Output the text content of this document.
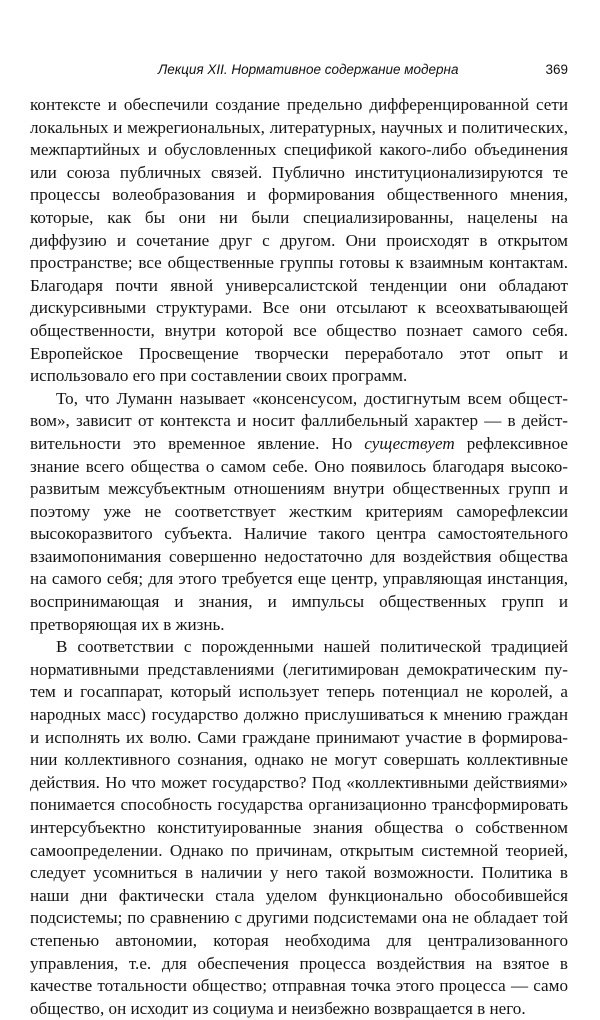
Лекция XII. Нормативное содержание модерна	369

контексте и обеспечили создание предельно дифференцированной сети локальных и межрегиональных, литературных, научных и политических, межпартийных и обусловленных спецификой какого-либо объединения или союза публичных связей. Публично институционализируются те процессы волеобразования и формирования общественного мнения, которые, как бы они ни были специализированны, нацелены на диффузию и сочетание друг с другом. Они происходят в открытом пространстве; все общественные группы готовы к взаимным контактам. Благодаря почти явной универсалистской тенденции они обладают дискурсивными структурами. Все они отсылают к всеохватывающей общественности, внутри которой все общество познает самого себя. Европейское Просвещение творчески переработало этот опыт и использовало его при составлении своих программ.

То, что Луманн называет «консенсусом, достигнутым всем обществом», зависит от контекста и носит фаллибельный характер — в действительности это временное явление. Но существует рефлексивное знание всего общества о самом себе. Оно появилось благодаря высокоразвитым межсубъектным отношениям внутри общественных групп и поэтому уже не соответствует жестким критериям саморефлексии высокоразвитого субъекта. Наличие такого центра самостоятельного взаимопонимания совершенно недостаточно для воздействия общества на самого себя; для этого требуется еще центр, управляющая инстанция, воспринимающая и знания, и импульсы общественных групп и претворяющая их в жизнь.

В соответствии с порожденными нашей политической традицией нормативными представлениями (легитимирован демократическим путем и госаппарат, который использует теперь потенциал не королей, а народных масс) государство должно прислушиваться к мнению граждан и исполнять их волю. Сами граждане принимают участие в формировании коллективного сознания, однако не могут совершать коллективные действия. Но что может государство? Под «коллективными действиями» понимается способность государства организационно трансформировать интерсубъектно конституированные знания общества о собственном самоопределении. Однако по причинам, открытым системной теорией, следует усомниться в наличии у него такой возможности. Политика в наши дни фактически стала уделом функционально обособившейся подсистемы; по сравнению с другими подсистемами она не обладает той степенью автономии, которая необходима для централизованного управления, т.е. для обеспечения процесса воздействия на взятое в качестве тотальности общество; отправная точка этого процесса — само общество, он исходит из социума и неизбежно возвращается в него.
